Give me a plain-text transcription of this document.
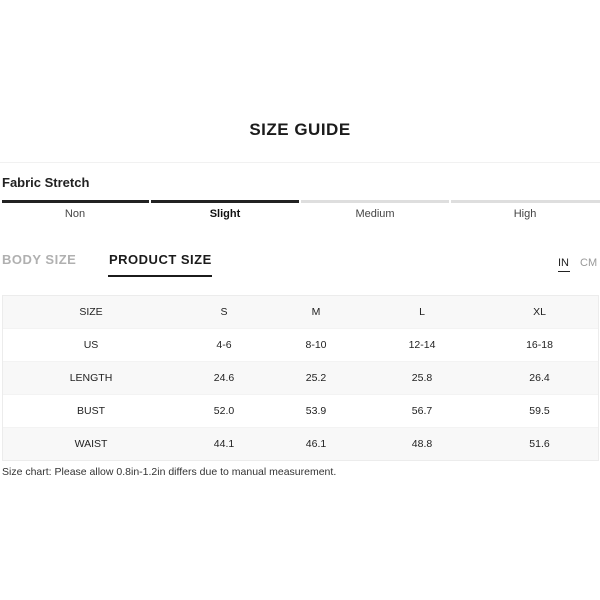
SIZE GUIDE
Fabric Stretch
Non	Slight	Medium	High
BODY SIZE	PRODUCT SIZE	IN CM
SIZE	S	M	L	XL
US	4-6	8-10	12-14	16-18
LENGTH	24.6	25.2	25.8	26.4
BUST	52.0	53.9	56.7	59.5
WAIST	44.1	46.1	48.8	51.6
Size chart: Please allow 0.8in-1.2in differs due to manual measurement.
